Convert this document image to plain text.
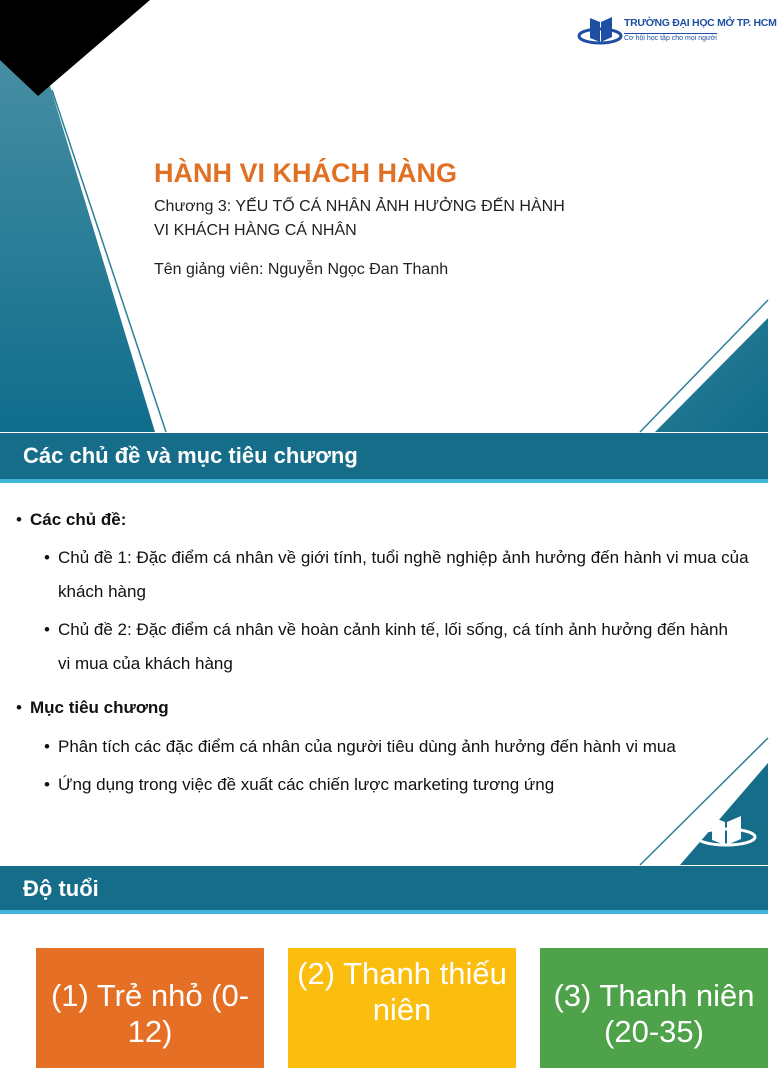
TRƯỜNG ĐẠI HỌC MỞ TP. HCM
Cơ hội học tập cho mọi người
HÀNH VI KHÁCH HÀNG
Chương 3: YẾU TỐ CÁ NHÂN ẢNH HƯỞNG ĐẾN HÀNH VI KHÁCH HÀNG CÁ NHÂN
Tên giảng viên: Nguyễn Ngọc Đan Thanh
Các chủ đề và mục tiêu chương
• Các chủ đề:
• Chủ đề 1: Đặc điểm cá nhân về giới tính, tuổi nghề nghiệp ảnh hưởng đến hành vi mua của khách hàng
• Chủ đề 2: Đặc điểm cá nhân về hoàn cảnh kinh tế, lối sống, cá tính ảnh hưởng đến hành vi mua của khách hàng
• Mục tiêu chương
• Phân tích các đặc điểm cá nhân của người tiêu dùng ảnh hưởng đến hành vi mua
• Ứng dụng trong việc đề xuất các chiến lược marketing tương ứng
Độ tuổi
(1) Trẻ nhỏ (0-12)
(2) Thanh thiếu niên	(3) Thanh niên (20-35)
